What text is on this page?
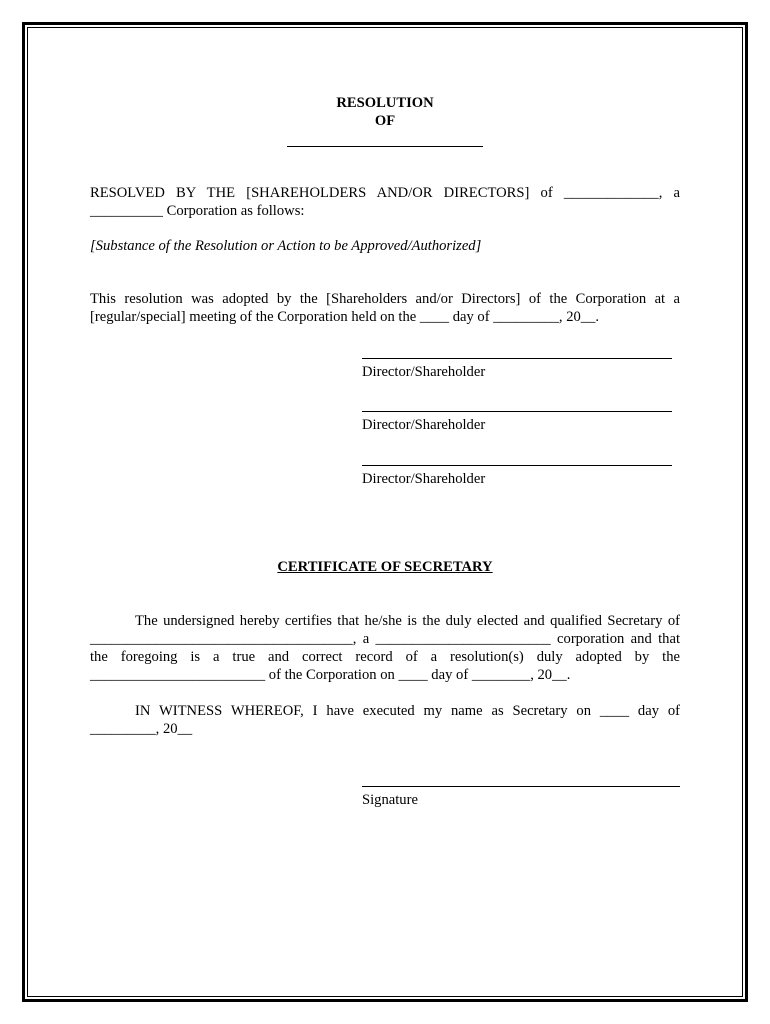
RESOLUTION
OF
RESOLVED BY THE [SHAREHOLDERS AND/OR DIRECTORS] of _____________, a __________ Corporation as follows:
[Substance of the Resolution or Action to be Approved/Authorized]
This resolution was adopted by the [Shareholders and/or Directors] of the Corporation at a [regular/special] meeting of the Corporation held on the ____ day of _________, 20__.
Director/Shareholder
Director/Shareholder
Director/Shareholder
CERTIFICATE OF SECRETARY
The undersigned hereby certifies that he/she is the duly elected and qualified Secretary of ____________________________________, a ________________________ corporation and that the foregoing is a true and correct record of a resolution(s) duly adopted by the ________________________ of the Corporation on ____ day of ________, 20__.
IN WITNESS WHEREOF, I have executed my name as Secretary on ____ day of _________, 20__
Signature
